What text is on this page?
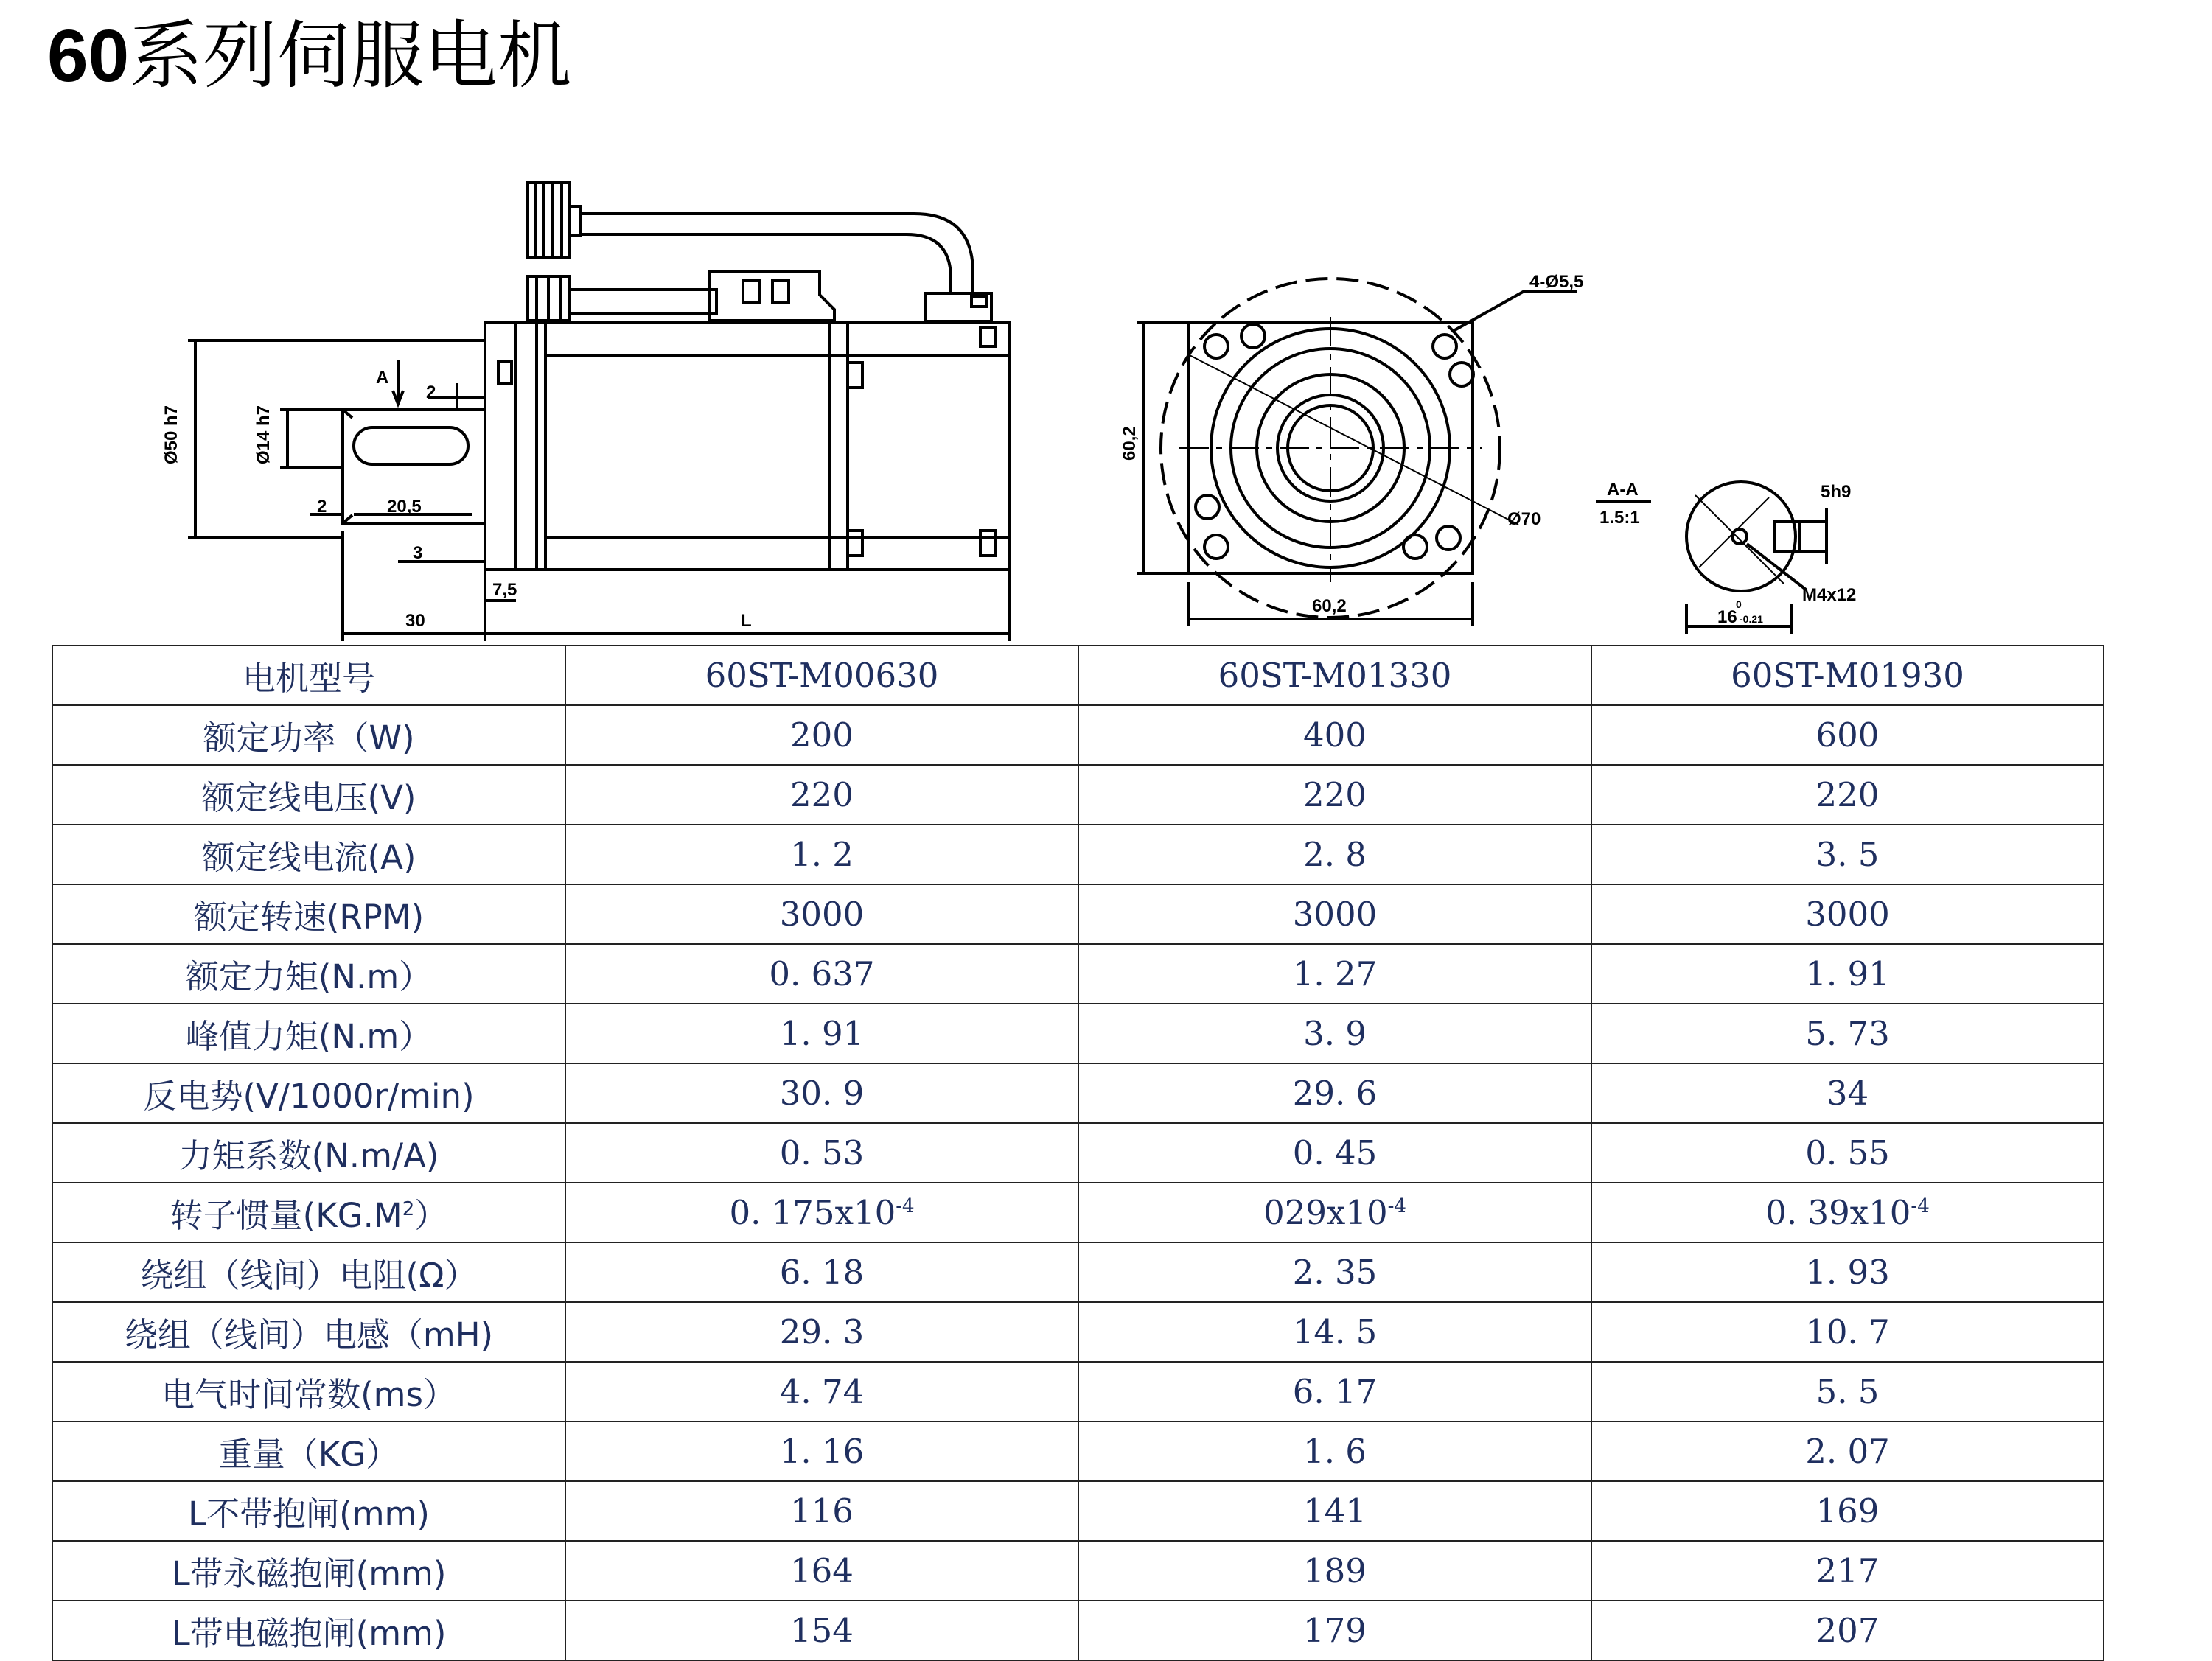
60系列伺服电机
Ø50 h7	Ø14 h7
A
2
2	20,5
3
7,5
30	L
4-Ø5,5
60,2
60,2
Ø70
A-A
1.5:1
5h9
M4x12
16
0
-0.21
电机型号	60ST-M00630	60ST-M01330	60ST-M01930
额定功率（W)	200	400	600
额定线电压(V)	220	220	220
额定线电流(A)	1. 2	2. 8	3. 5
额定转速(RPM)	3000	3000	3000
额定力矩(N.m）	0. 637	1. 27	1. 91
峰值力矩(N.m）	1. 91	3. 9	5. 73
反电势(V/1000r/min)	30. 9	29. 6	34
力矩系数(N.m/A)	0. 53	0. 45	0. 55
转子惯量$(KG.M^2)$	0. $175x10^{-4}$	$029x10^{-4}$	0. $39x10^{-4}$
绕组（线间）电阻(Ω）	6. 18	2. 35	1. 93
绕组（线间）电感（mH)	29. 3	14. 5	10. 7
电气时间常数(ms）	4. 74	6. 17	5. 5
重量（KG）	1. 16	1. 6	2. 07
L不带抱闸(mm)	116	141	169
L带永磁抱闸(mm)	164	189	217
L带电磁抱闸(mm)	154	179	207
